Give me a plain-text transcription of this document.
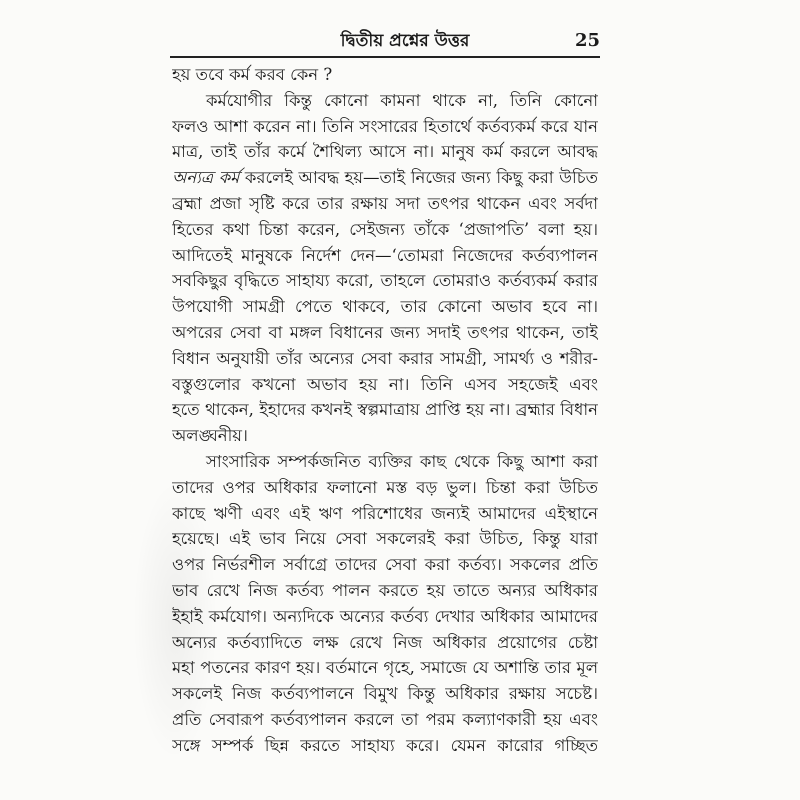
দ্বিতীয় প্রশ্নের উত্তর	25
হয় তবে কর্ম করব কেন ?
কর্মযোগীর কিন্তু কোনো কামনা থাকে না, তিনি কোনো
ফলও আশা করেন না। তিনি সংসারের হিতার্থে কর্তব্যকর্ম করে যান
মাত্র, তাই তাঁর কর্মে শৈথিল্য আসে না। মানুষ কর্ম করলে আবদ্ধ
অন্যত্র কর্ম করলেই আবদ্ধ হয়—তাই নিজের জন্য কিছু করা উচিত
ব্রহ্মা প্রজা সৃষ্টি করে তার রক্ষায় সদা তৎপর থাকেন এবং সর্বদা
হিতের কথা চিন্তা করেন, সেইজন্য তাঁকে ‘প্রজাপতি’ বলা হয়।
আদিতেই মানুষকে নির্দেশ দেন—‘তোমরা নিজেদের কর্তব্যপালন
সবকিছুর বৃদ্ধিতে সাহায্য করো, তাহলে তোমরাও কর্তব্যকর্ম করার
উপযোগী সামগ্রী পেতে থাকবে, তার কোনো অভাব হবে না।
অপরের সেবা বা মঙ্গল বিধানের জন্য সদাই তৎপর থাকেন, তাই
বিধান অনুযায়ী তাঁর অন্যের সেবা করার সামগ্রী, সামর্থ্য ও শরীর-
বস্তুগুলোর কখনো অভাব হয় না। তিনি এসব সহজেই এবং
হতে থাকেন, ইহাদের কখনই স্বল্পমাত্রায় প্রাপ্তি হয় না। ব্রহ্মার বিধান
অলঙ্ঘনীয়।
সাংসারিক সম্পর্কজনিত ব্যক্তির কাছ থেকে কিছু আশা করা
তাদের ওপর অধিকার ফলানো মস্ত বড় ভুল। চিন্তা করা উচিত
কাছে ঋণী এবং এই ঋণ পরিশোধের জন্যই আমাদের এইস্থানে
হয়েছে। এই ভাব নিয়ে সেবা সকলেরই করা উচিত, কিন্তু যারা
ওপর নির্ভরশীল সর্বাগ্রে তাদের সেবা করা কর্তব্য। সকলের প্রতি
ভাব রেখে নিজ কর্তব্য পালন করতে হয় তাতে অন্যর অধিকার
ইহাই কর্মযোগ। অন্যদিকে অন্যের কর্তব্য দেখার অধিকার আমাদের
অন্যের কর্তব্যাদিতে লক্ষ রেখে নিজ অধিকার প্রয়োগের চেষ্টা
মহা পতনের কারণ হয়। বর্তমানে গৃহে, সমাজে যে অশান্তি তার মূল
সকলেই নিজ কর্তব্যপালনে বিমুখ কিন্তু অধিকার রক্ষায় সচেষ্ট।
প্রতি সেবারূপ কর্তব্যপালন করলে তা পরম কল্যাণকারী হয় এবং
সঙ্গে সম্পর্ক ছিন্ন করতে সাহায্য করে। যেমন কারোর গচ্ছিত
